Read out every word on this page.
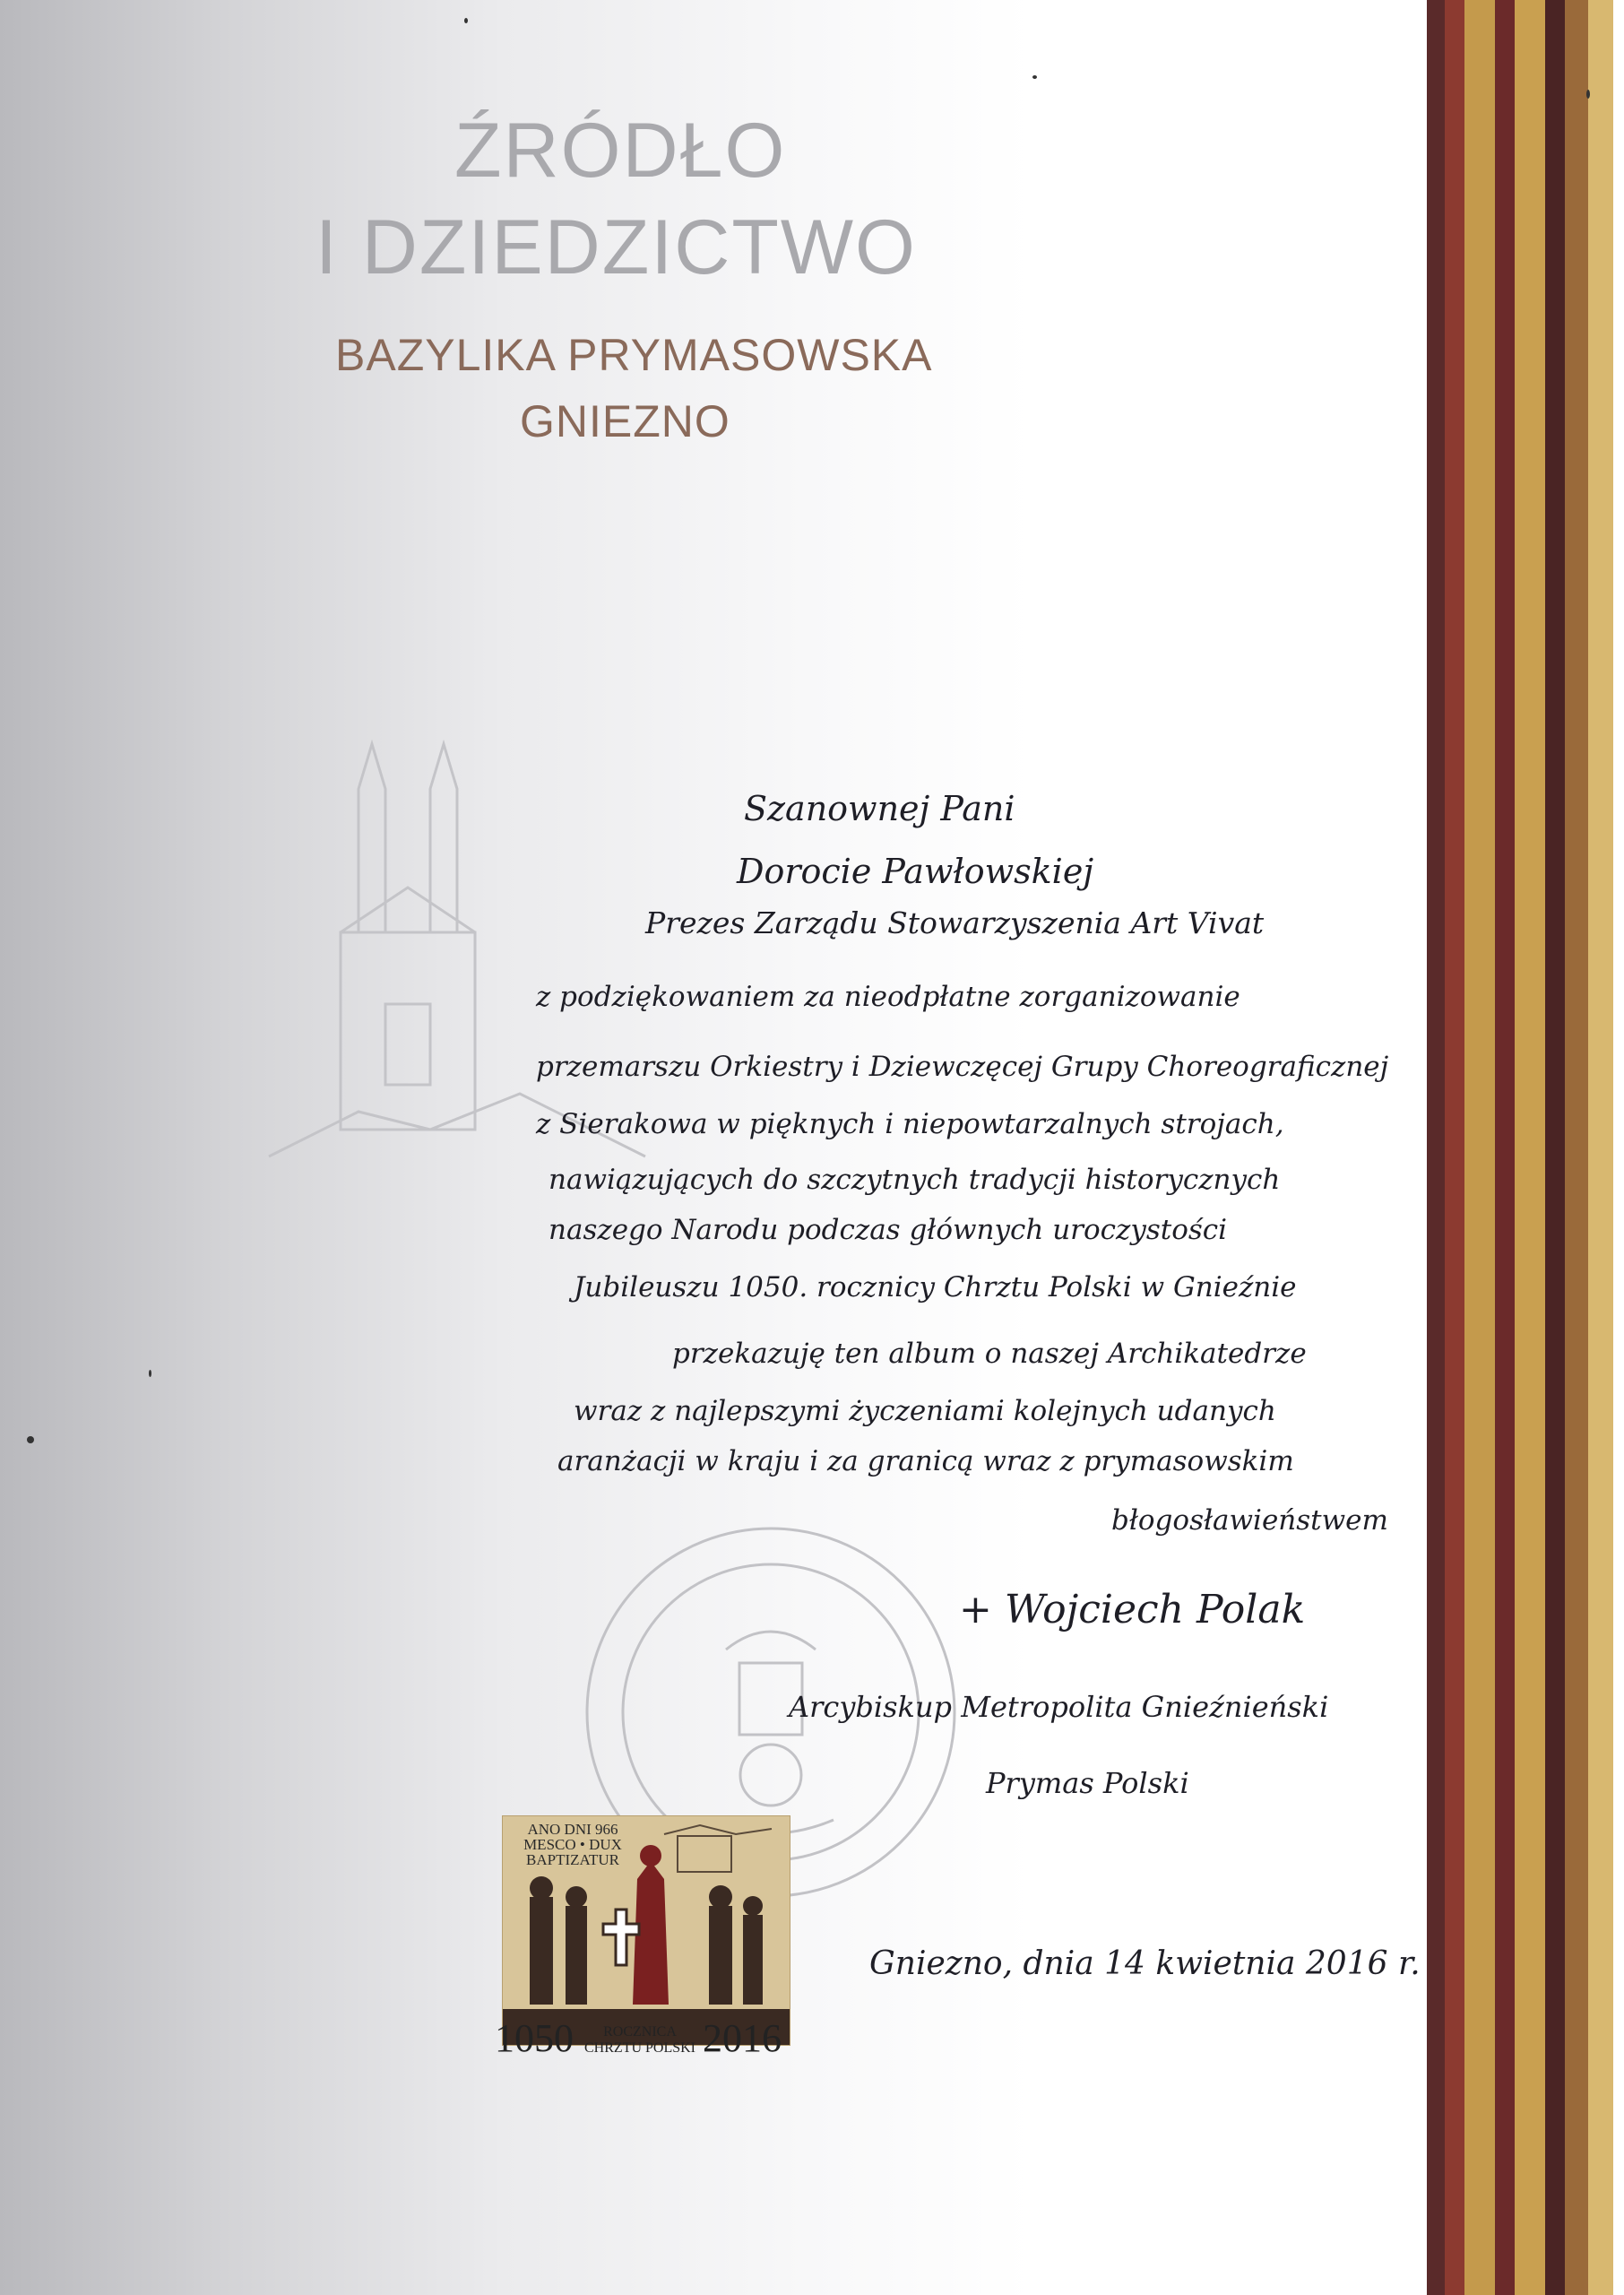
ŹRÓDŁO
I DZIEDZICTWO
BAZYLIKA PRYMASOWSKA
GNIEZNO
Szanownej Pani
Dorocie Pawłowskiej
Prezes Zarządu Stowarzyszenia Art Vivat
z podziękowaniem za nieodpłatne zorganizowanie
przemarszu Orkiestry i Dziewczęcej Grupy Choreograficznej
z Sierakowa w pięknych i niepowtarzalnych strojach,
nawiązujących do szczytnych tradycji historycznych
naszego Narodu podczas głównych uroczystości
Jubileuszu 1050. rocznicy Chrztu Polski w Gnieźnie
przekazuję ten album o naszej Archikatedrze
wraz z najlepszymi życzeniami kolejnych udanych
aranżacji w kraju i za granicą wraz z prymasowskim
błogosławieństwem
+ Wojciech Polak
Arcybiskup Metropolita Gnieźnieński
Prymas Polski
Gniezno, dnia 14 kwietnia 2016 r.
ANO DNI 966
MESCO • DUX
BAPTIZATUR
1050	ROCZNICA
CHRZTU POLSKI 2016
